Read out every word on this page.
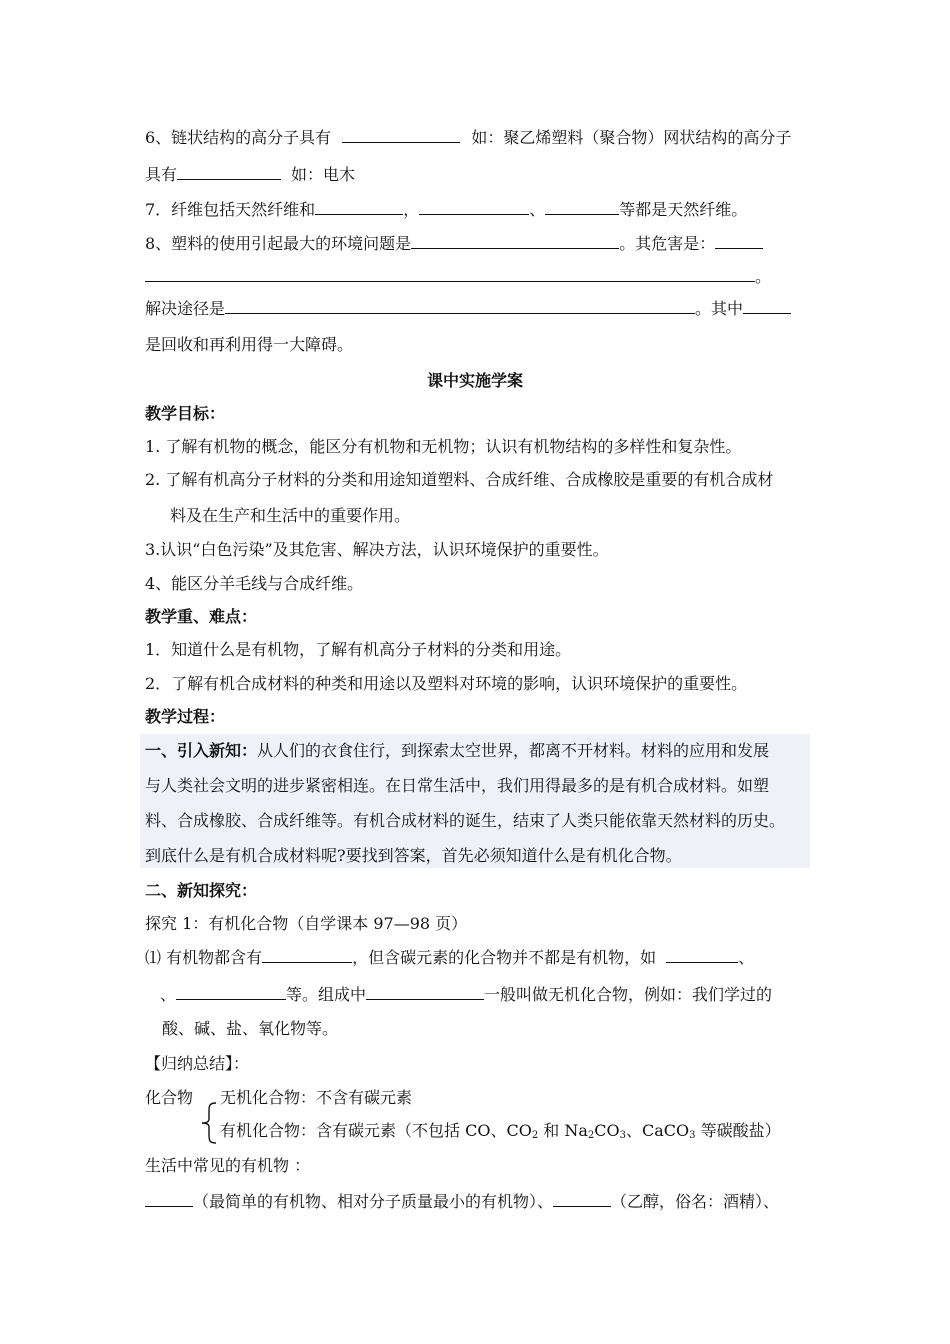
6、链状结构的高分子具有	如：聚乙烯塑料（聚合物）网状结构的高分子
具有	如：电木
7．纤维包括天然纤维和	，	、	等都是天然纤维。
8、塑料的使用引起最大的环境问题是	。其危害是：
。
解决途径是	。其中
是回收和再利用得一大障碍。
课中实施学案
教学目标：
1. 了解有机物的概念，能区分有机物和无机物；认识有机物结构的多样性和复杂性。
2. 了解有机高分子材料的分类和用途知道塑料、合成纤维、合成橡胶是重要的有机合成材
料及在生产和生活中的重要作用。
3.认识“白色污染”及其危害、解决方法，认识环境保护的重要性。
4、能区分羊毛线与合成纤维。
教学重、难点：
1．知道什么是有机物，了解有机高分子材料的分类和用途。
2．了解有机合成材料的种类和用途以及塑料对环境的影响，认识环境保护的重要性。
教学过程：
一、引入新知：从人们的衣食住行，到探索太空世界，都离不开材料。材料的应用和发展
与人类社会文明的进步紧密相连。在日常生活中，我们用得最多的是有机合成材料。如塑
料、合成橡胶、合成纤维等。有机合成材料的诞生，结束了人类只能依靠天然材料的历史。
到底什么是有机合成材料呢?要找到答案，首先必须知道什么是有机化合物。
二、新知探究：
探究 1：有机化合物（自学课本 97—98 页）
⑴ 有机物都含有	，但含碳元素的化合物并不都是有机物，如	、
、	等。组成中	一般叫做无机化合物，例如：我们学过的
酸、碱、盐、氧化物等。
【归纳总结】：
化合物 无机化合物：不含有碳元素
有机化合物：含有碳元素（不包括 CO、$CO_2$ 和 $Na_2CO_3$、CaCO$_3$ 等碳酸盐）
生活中常见的有机物 ：
（最简单的有机物、相对分子质量最小的有机物）、	（乙醇，俗名：酒精）、
